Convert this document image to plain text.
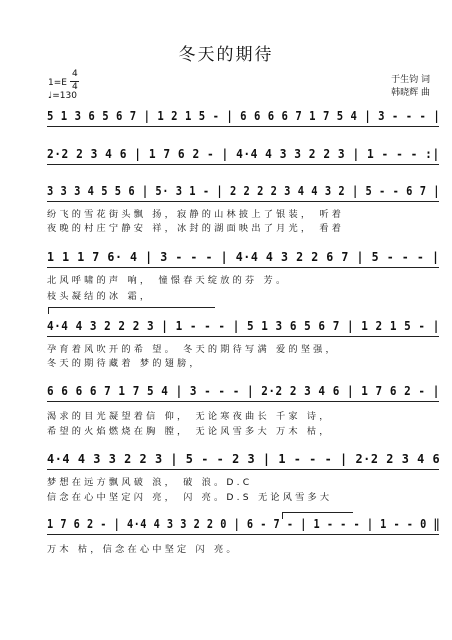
冬天的期待
1=E
4
4
♩=130
于生钧 词
韩晓辉 曲
5 1 3 6 5 6 7 | 1 2 1 5 - | 6 6 6 6 7 1 7 5 4 | 3 - - - |
2·2 2 3 4 6 | 1 7 6 2 - | 4·4 4 3 3 2 2 3 | 1 - - - :|
3 3 3 4 5 5 6 | 5· 3 1 - | 2 2 2 2 3 4 4 3 2 | 5 - - 6 7 |
纷飞的雪花街头飘 扬，寂静的山林披上了银装， 听着
夜晚的村庄宁静安 祥，冰封的湖面映出了月光， 看着
1 1 1 7 6· 4 | 3 - - - | 4·4 4 3 2 2 6 7 | 5 - - - |
北风呼啸的声 响， 憧憬春天绽放的芬 芳。
枝头凝结的冰 霜，
4·4 4 3 2 2 2 3 | 1 - - - | 5 1 3 6 5 6 7 | 1 2 1 5 - |
孕育着风吹开的希 望。 冬天的期待写满 爱的坚强，
冬天的期待藏着 梦的翅膀，
6 6 6 6 7 1 7 5 4 | 3 - - - | 2·2 2 3 4 6 | 1 7 6 2 - |
渴求的目光凝望着信 仰， 无论寒夜曲长 千家 诗，
希望的火焰燃烧在胸 膛， 无论风雪多大 万木 枯，
4·4 4 3 3 2 2 3 | 5 - - 2 3 | 1 - - - | 2·2 2 3 4 6
梦想在远方飘风破 浪， 破 浪。D.C
信念在心中坚定闪 亮， 闪 亮。D.S 无论风雪多大
1 7 6 2 - | 4·4 4 3 3 2 2 0 | 6 - 7 - | 1 - - - | 1 - - 0 ‖
万木 枯，信念在心中坚定 闪 亮。
